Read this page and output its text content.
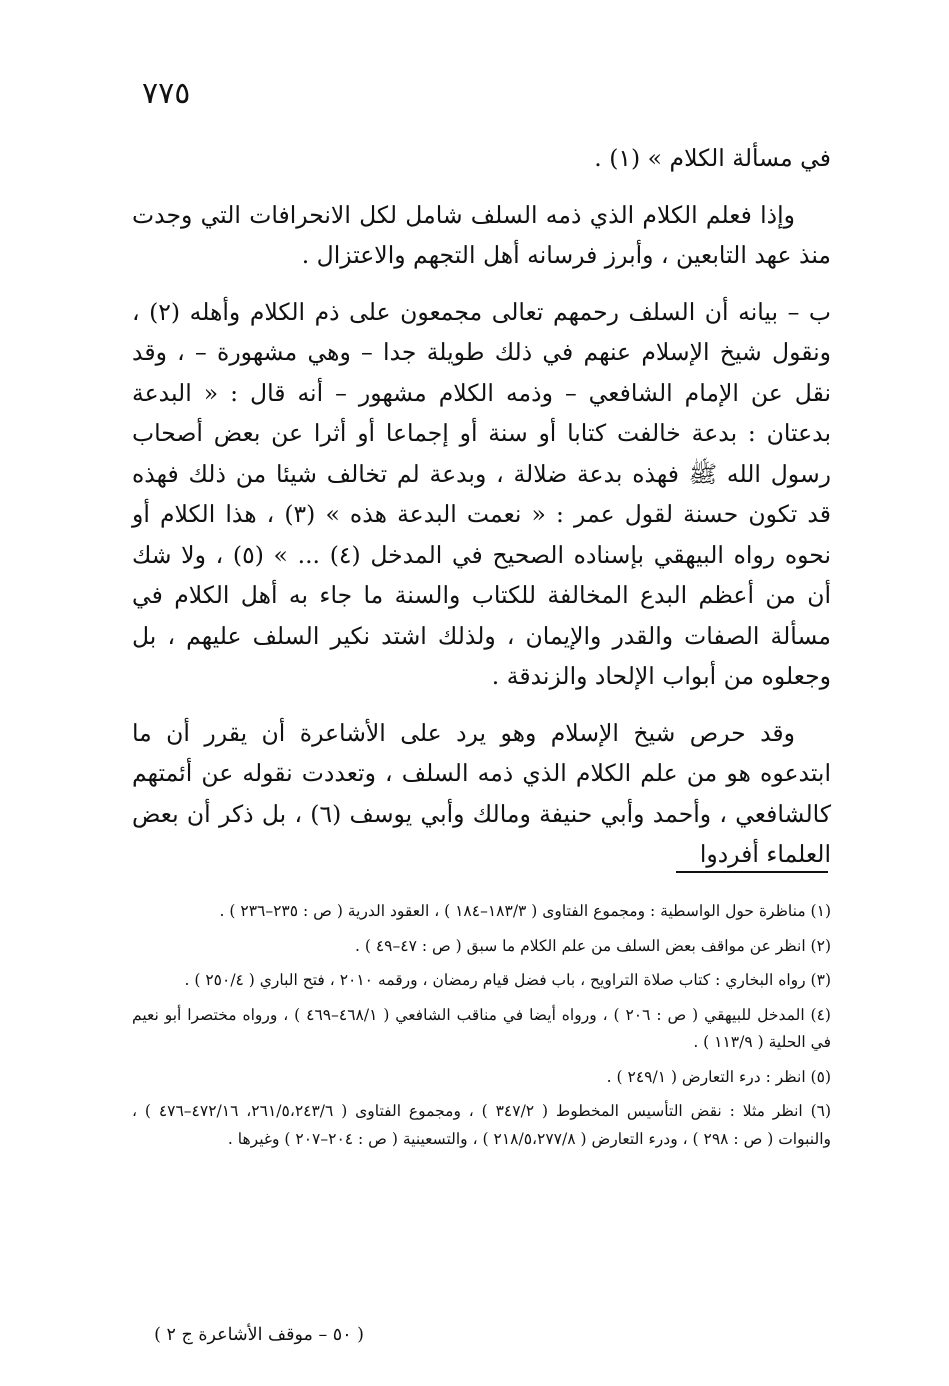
٧٧٥

في مسألة الكلام » (١) .

وإذا فعلم الكلام الذي ذمه السلف شامل لكل الانحرافات التي وجدت منذ عهد التابعين ، وأبرز فرسانه أهل التجهم والاعتزال .

ب – بيانه أن السلف رحمهم تعالى مجمعون على ذم الكلام وأهله (٢) ، ونقول شيخ الإسلام عنهم في ذلك طويلة جدا – وهي مشهورة – ، وقد نقل عن الإمام الشافعي – وذمه الكلام مشهور – أنه قال : « البدعة بدعتان : بدعة خالفت كتابا أو سنة أو إجماعا أو أثرا عن بعض أصحاب رسول الله ﷺ فهذه بدعة ضلالة ، وبدعة لم تخالف شيئا من ذلك فهذه قد تكون حسنة لقول عمر : « نعمت البدعة هذه » (٣) ، هذا الكلام أو نحوه رواه البيهقي بإسناده الصحيح في المدخل (٤) ... » (٥) ، ولا شك أن من أعظم البدع المخالفة للكتاب والسنة ما جاء به أهل الكلام في مسألة الصفات والقدر والإيمان ، ولذلك اشتد نكير السلف عليهم ، بل وجعلوه من أبواب الإلحاد والزندقة .

وقد حرص شيخ الإسلام وهو يرد على الأشاعرة أن يقرر أن ما ابتدعوه هو من علم الكلام الذي ذمه السلف ، وتعددت نقوله عن أئمتهم كالشافعي ، وأحمد وأبي حنيفة ومالك وأبي يوسف (٦) ، بل ذكر أن بعض العلماء أفردوا

(١) مناظرة حول الواسطية : ومجموع الفتاوى ( ١٨٣/٣–١٨٤ ) ، العقود الدرية ( ص : ٢٣٥–٢٣٦ ) .

(٢) انظر عن مواقف بعض السلف من علم الكلام ما سبق ( ص : ٤٧–٤٩ ) .

(٣) رواه البخاري : كتاب صلاة التراويح ، باب فضل قيام رمضان ، ورقمه ٢٠١٠ ، فتح الباري ( ٢٥٠/٤ ) .

(٤) المدخل للبيهقي ( ص : ٢٠٦ ) ، ورواه أيضا في مناقب الشافعي ( ٤٦٨/١–٤٦٩ ) ، ورواه مختصرا أبو نعيم في الحلية ( ١١٣/٩ ) .

(٥) انظر : درء التعارض ( ٢٤٩/١ ) .

(٦) انظر مثلا : نقض التأسيس المخطوط ( ٣٤٧/٢ ) ، ومجموع الفتاوى ( ٢٦١/٥،٢٤٣/٦، ٤٧٢/١٦–٤٧٦ ) ، والنبوات ( ص : ٢٩٨ ) ، ودرء التعارض ( ٢١٨/٥،٢٧٧/٨ ) ، والتسعينية ( ص : ٢٠٤–٢٠٧ ) وغيرها .

( ٥٠ – موقف الأشاعرة ج ٢ )
